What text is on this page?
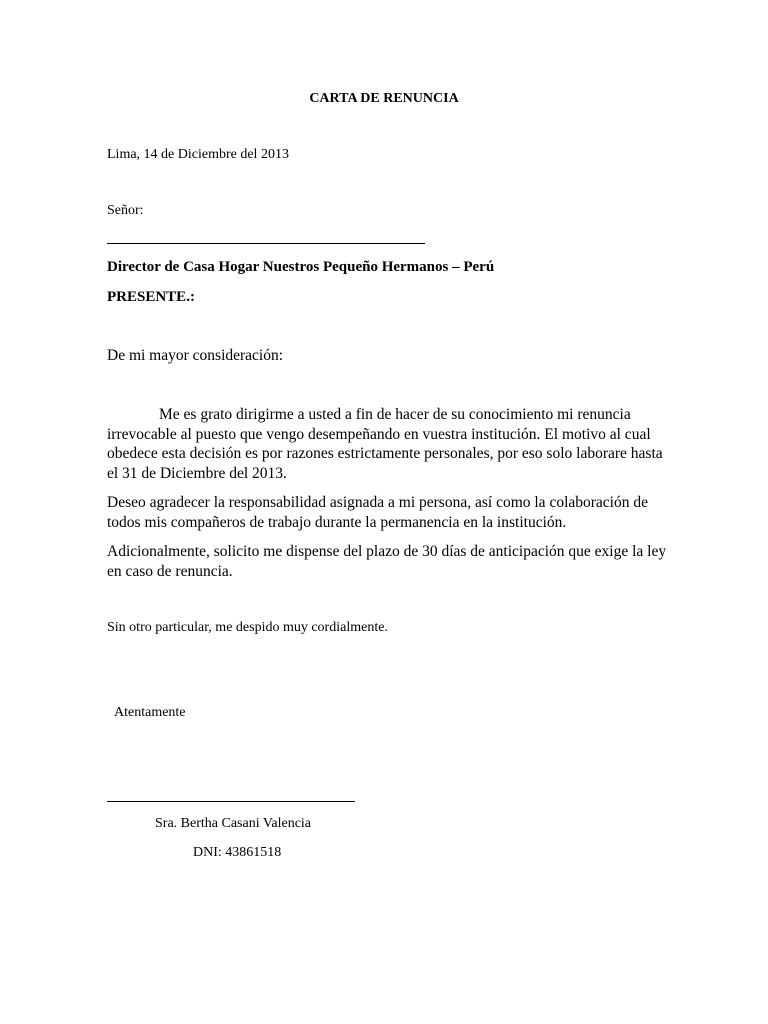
CARTA DE RENUNCIA
Lima, 14 de Diciembre del 2013
Señor:
Director de Casa Hogar Nuestros Pequeño Hermanos – Perú
PRESENTE.:
De mi mayor consideración:
Me es grato dirigirme a usted a fin de hacer de su conocimiento mi renuncia irrevocable al puesto que vengo desempeñando en vuestra institución. El motivo al cual obedece esta decisión es por razones estrictamente personales, por eso solo laborare hasta el 31 de Diciembre del 2013.
Deseo agradecer la responsabilidad asignada a mi persona, así como la colaboración de todos mis compañeros de trabajo durante la permanencia en la institución.
Adicionalmente, solicito me dispense del plazo de 30 días de anticipación que exige la ley en caso de renuncia.
Sin otro particular, me despido muy cordialmente.
Atentamente
Sra. Bertha Casani Valencia
DNI: 43861518
